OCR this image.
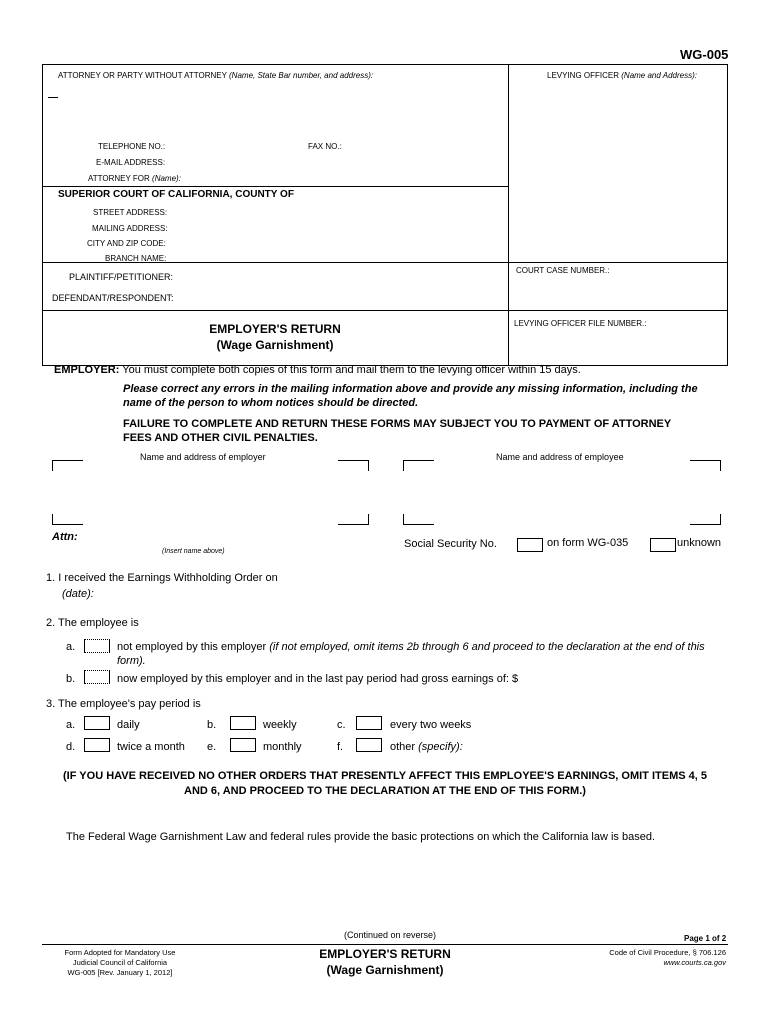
WG-005
ATTORNEY OR PARTY WITHOUT ATTORNEY (Name, State Bar number, and address):	LEVYING OFFICER (Name and Address):
TELEPHONE NO.:	FAX NO.:
E-MAIL ADDRESS:
ATTORNEY FOR (Name):
SUPERIOR COURT OF CALIFORNIA, COUNTY OF
STREET ADDRESS:
MAILING ADDRESS:
CITY AND ZIP CODE:
BRANCH NAME:
PLAINTIFF/PETITIONER:
DEFENDANT/RESPONDENT:
COURT CASE NUMBER.:
LEVYING OFFICER FILE NUMBER.:
EMPLOYER'S RETURN
(Wage Garnishment)
EMPLOYER: You must complete both copies of this form and mail them to the levying officer within 15 days.
Please correct any errors in the mailing information above and provide any missing information, including the
name of the person to whom notices should be directed.
FAILURE TO COMPLETE AND RETURN THESE FORMS MAY SUBJECT YOU TO PAYMENT OF ATTORNEY
FEES AND OTHER CIVIL PENALTIES.
Name and address of employer	Name and address of employee
Attn:
(Insert name above)
Social Security No.	on form WG-035	unknown
1. I received the Earnings Withholding Order on
(date):
2. The employee is
a.	not employed by this employer (if not employed, omit items 2b through 6 and proceed to the declaration at the end of this
form).
b.	now employed by this employer and in the last pay period had gross earnings of: $
3. The employee's pay period is
a.	daily	b.	weekly	c.	every two weeks
d.	twice a month e.	monthly	f.	other (specify):
(IF YOU HAVE RECEIVED NO OTHER ORDERS THAT PRESENTLY AFFECT THIS EMPLOYEE'S EARNINGS, OMIT ITEMS 4, 5
AND 6, AND PROCEED TO THE DECLARATION AT THE END OF THIS FORM.)
The Federal Wage Garnishment Law and federal rules provide the basic protections on which the California law is based.
(Continued on reverse)	Page 1 of 2
Form Adopted for Mandatory Use
Judicial Council of California
WG-005 [Rev. January 1, 2012]
EMPLOYER'S RETURN
(Wage Garnishment)
Code of Civil Procedure, § 706.126
www.courts.ca.gov
